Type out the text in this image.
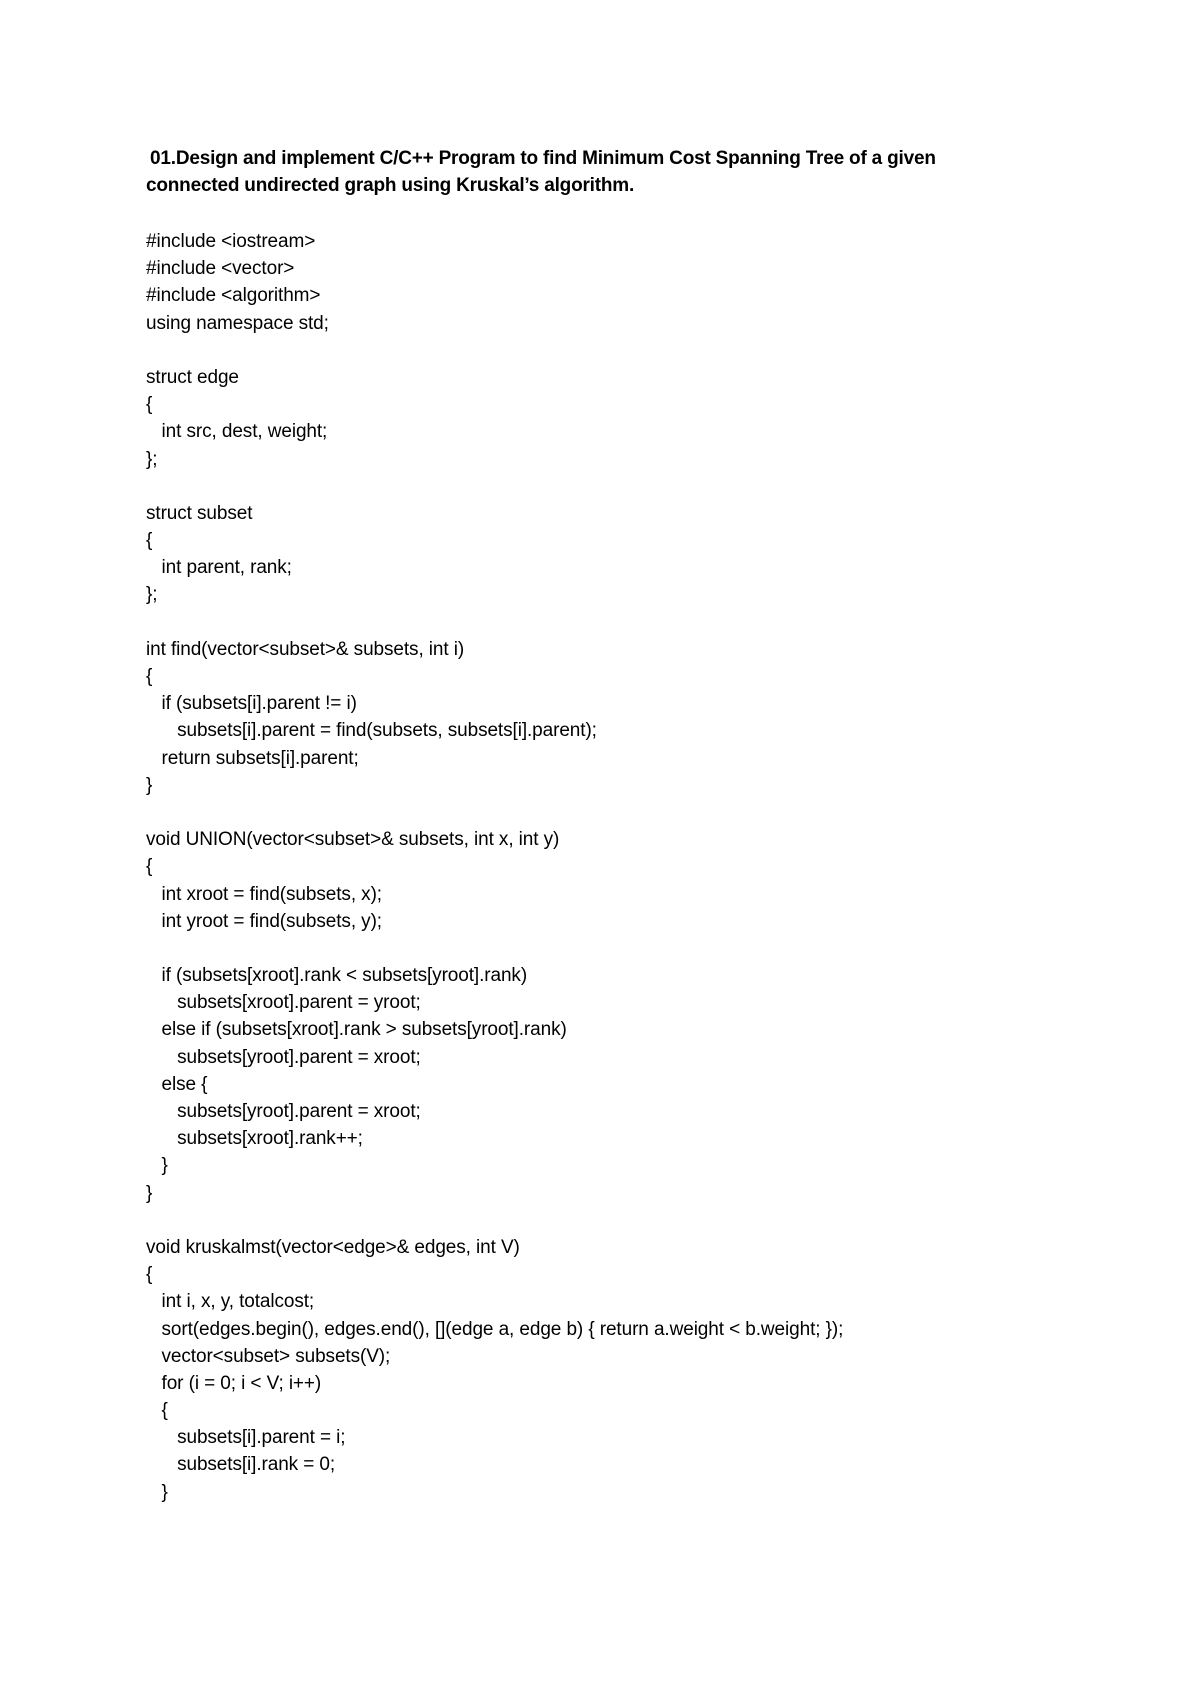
01.Design and implement C/C++ Program to find Minimum Cost Spanning Tree of a given
connected undirected graph using Kruskal’s algorithm.
#include <iostream>
#include <vector>
#include <algorithm>
using namespace std;
struct edge
{
int src, dest, weight;
};
struct subset
{
int parent, rank;
};
int find(vector<subset>& subsets, int i)
{
if (subsets[i].parent != i)
subsets[i].parent = find(subsets, subsets[i].parent);
return subsets[i].parent;
}
void UNION(vector<subset>& subsets, int x, int y)
{
int xroot = find(subsets, x);
int yroot = find(subsets, y);
if (subsets[xroot].rank < subsets[yroot].rank)
subsets[xroot].parent = yroot;
else if (subsets[xroot].rank > subsets[yroot].rank)
subsets[yroot].parent = xroot;
else {
subsets[yroot].parent = xroot;
subsets[xroot].rank++;
}
}
void kruskalmst(vector<edge>& edges, int V)
{
int i, x, y, totalcost;
sort(edges.begin(), edges.end(), [](edge a, edge b) { return a.weight < b.weight; });
vector<subset> subsets(V);
for (i = 0; i < V; i++)
{
subsets[i].parent = i;
subsets[i].rank = 0;
}
